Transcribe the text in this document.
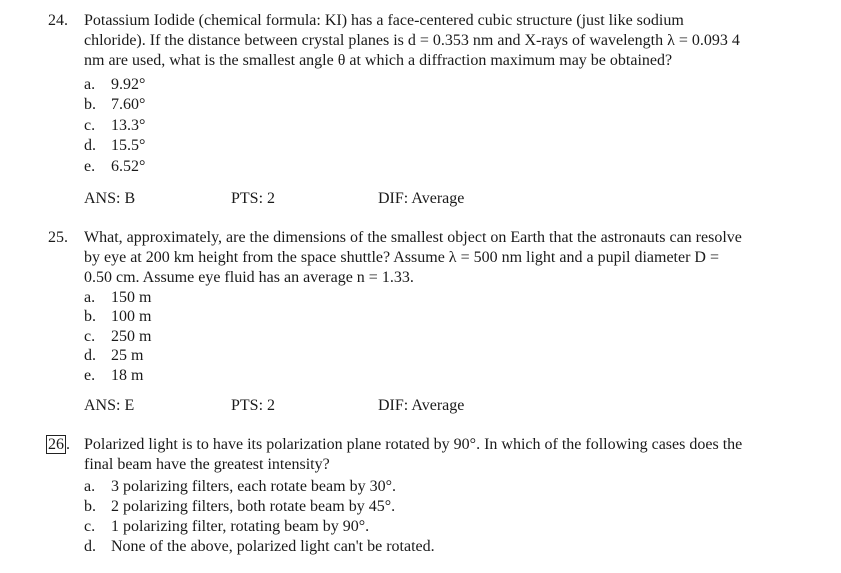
24.	Potassium Iodide (chemical formula: KI) has a face-centered cubic structure (just like sodium
chloride). If the distance between crystal planes is d = 0.353 nm and X-rays of wavelength λ = 0.093 4
nm are used, what is the smallest angle θ at which a diffraction maximum may be obtained?
a. 9.92°
b. 7.60°
c. 13.3°
d. 15.5°
e. 6.52°
ANS: B	PTS: 2	DIF: Average
25.	What, approximately, are the dimensions of the smallest object on Earth that the astronauts can resolve
by eye at 200 km height from the space shuttle? Assume λ = 500 nm light and a pupil diameter D =
0.50 cm. Assume eye fluid has an average n = 1.33.
a. 150 m
b. 100 m
c. 250 m
d. 25 m
e. 18 m
ANS: E	PTS: 2	DIF: Average
26 . Polarized light is to have its polarization plane rotated by 90°. In which of the following cases does the
final beam have the greatest intensity?
a. 3 polarizing filters, each rotate beam by 30°.
b. 2 polarizing filters, both rotate beam by 45°.
c. 1 polarizing filter, rotating beam by 90°.
d. None of the above, polarized light can't be rotated.
